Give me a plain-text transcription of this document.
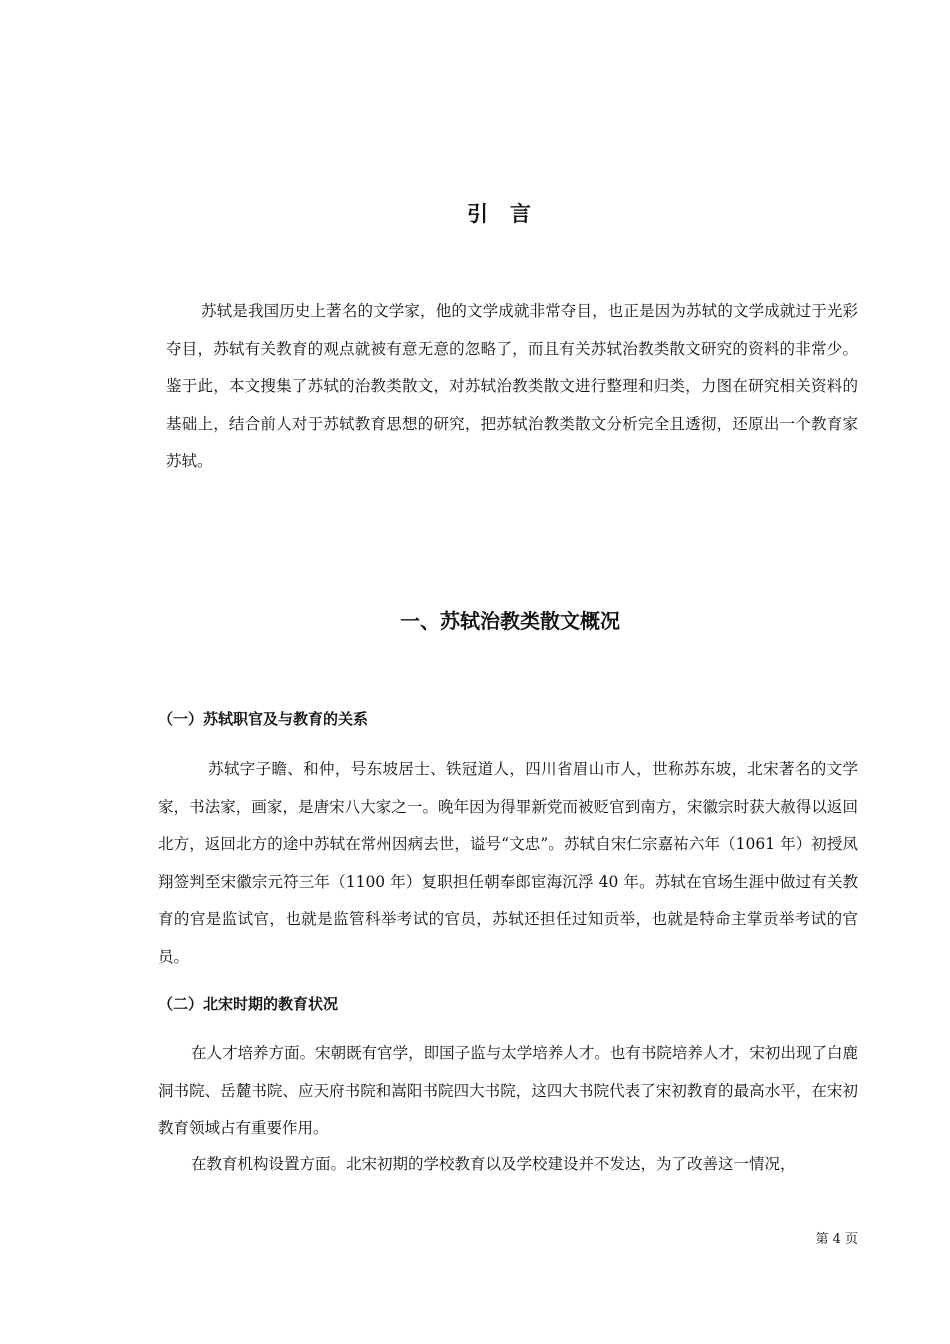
引言

苏轼是我国历史上著名的文学家，他的文学成就非常夺目，也正是因为苏轼的文学成就过于光彩夺目，苏轼有关教育的观点就被有意无意的忽略了，而且有关苏轼治教类散文研究的资料的非常少。鉴于此，本文搜集了苏轼的治教类散文，对苏轼治教类散文进行整理和归类，力图在研究相关资料的基础上，结合前人对于苏轼教育思想的研究，把苏轼治教类散文分析完全且透彻，还原出一个教育家苏轼。

一、苏轼治教类散文概况
（一）苏轼职官及与教育的关系

苏轼字子瞻、和仲，号东坡居士、铁冠道人，四川省眉山市人，世称苏东坡，北宋著名的文学家，书法家，画家，是唐宋八大家之一。晚年因为得罪新党而被贬官到南方，宋徽宗时获大赦得以返回北方，返回北方的途中苏轼在常州因病去世，谥号“文忠”。苏轼自宋仁宗嘉祐六年（1061 年）初授凤翔签判至宋徽宗元符三年（1100 年）复职担任朝奉郎宦海沉浮 40 年。苏轼在官场生涯中做过有关教育的官是监试官，也就是监管科举考试的官员，苏轼还担任过知贡举，也就是特命主掌贡举考试的官员。

（二）北宋时期的教育状况

在人才培养方面。宋朝既有官学，即国子监与太学培养人才。也有书院培养人才，宋初出现了白鹿洞书院、岳麓书院、应天府书院和嵩阳书院四大书院，这四大书院代表了宋初教育的最高水平，在宋初教育领域占有重要作用。

在教育机构设置方面。北宋初期的学校教育以及学校建设并不发达，为了改善这一情况，

第 4 页
